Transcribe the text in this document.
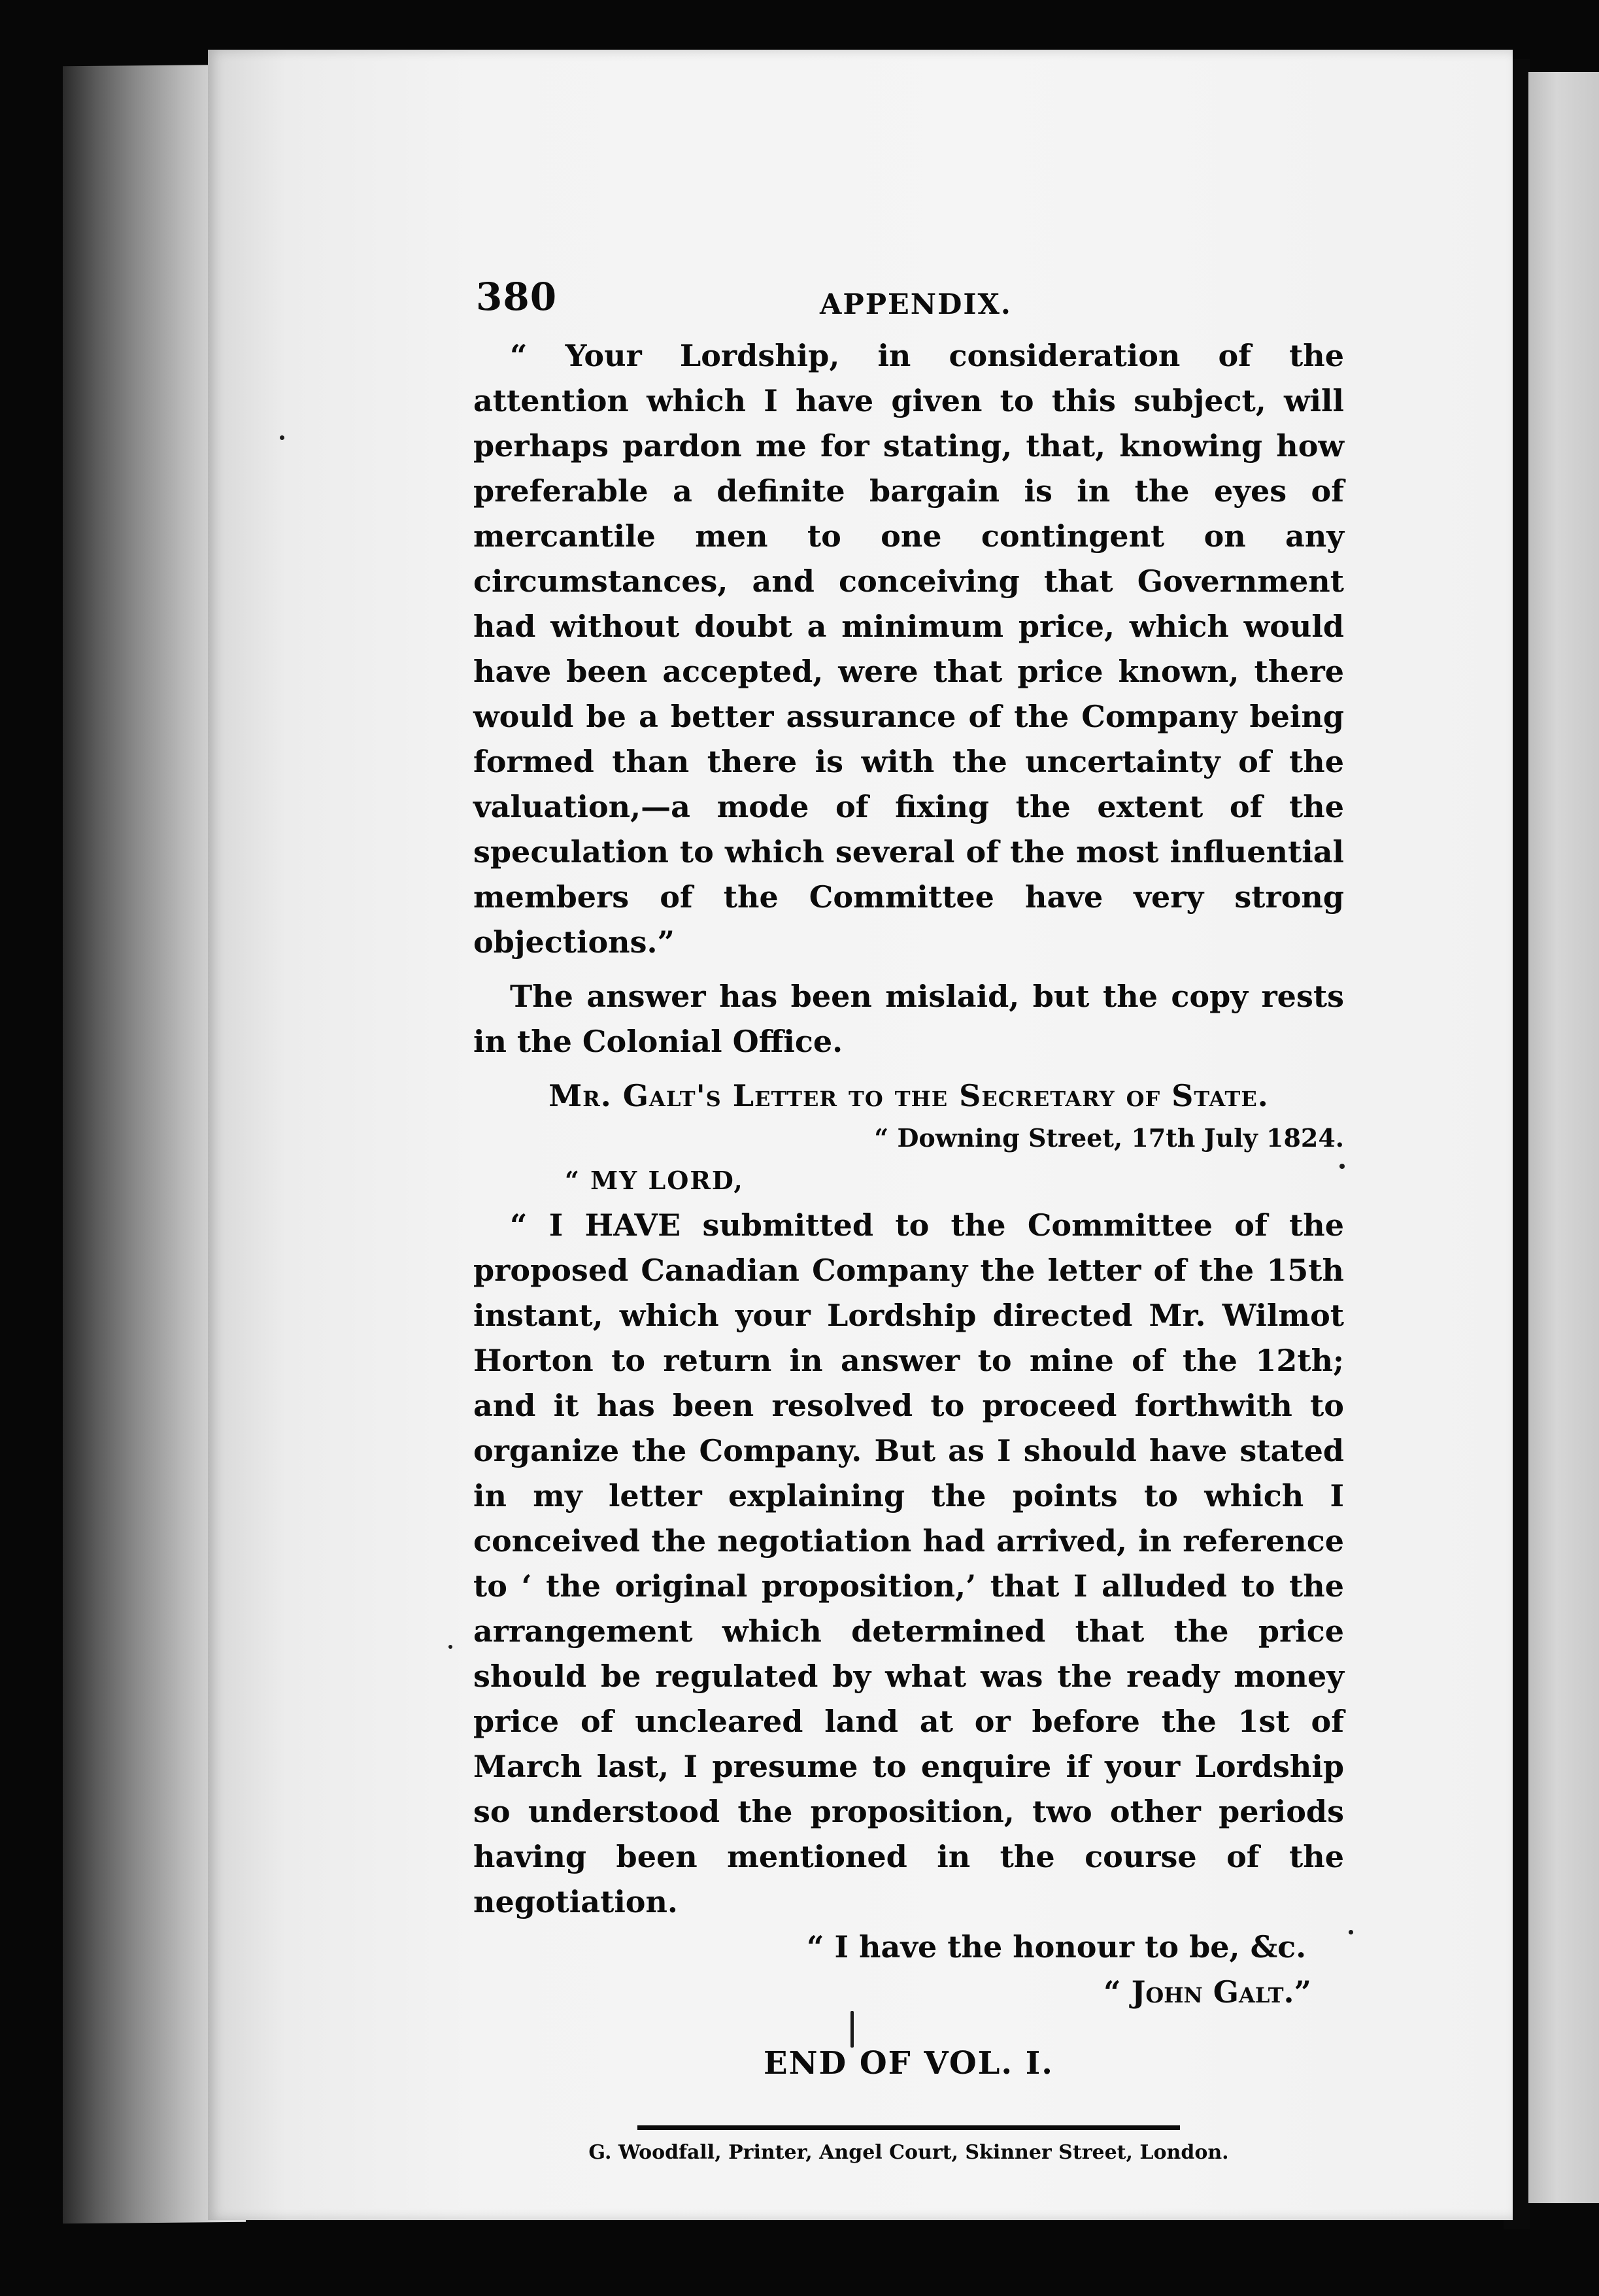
380	APPENDIX.

“ Your Lordship, in consideration of the attention which I have given to this subject, will perhaps pardon me for stating, that, knowing how preferable a definite bargain is in the eyes of mercantile men to one contingent on any circumstances, and conceiving that Government had without doubt a minimum price, which would have been accepted, were that price known, there would be a better assurance of the Company being formed than there is with the uncertainty of the valuation,—a mode of fixing the extent of the speculation to which several of the most influential members of the Committee have very strong objections.”

The answer has been mislaid, but the copy rests in the Colonial Office.

Mr. Galt's Letter to the Secretary of State.

“ Downing Street, 17th July 1824.

“ MY LORD,

“ I HAVE submitted to the Committee of the proposed Canadian Company the letter of the 15th instant, which your Lordship directed Mr. Wilmot Horton to return in answer to mine of the 12th; and it has been resolved to proceed forthwith to organize the Company. But as I should have stated in my letter explaining the points to which I conceived the negotiation had arrived, in reference to ‘ the original proposition,’ that I alluded to the arrangement which determined that the price should be regulated by what was the ready money price of uncleared land at or before the 1st of March last, I presume to enquire if your Lordship so understood the proposition, two other periods having been mentioned in the course of the negotiation.

“ I have the honour to be, &c.

“ John Galt.”

END OF VOL. I.

G. Woodfall, Printer, Angel Court, Skinner Street, London.
